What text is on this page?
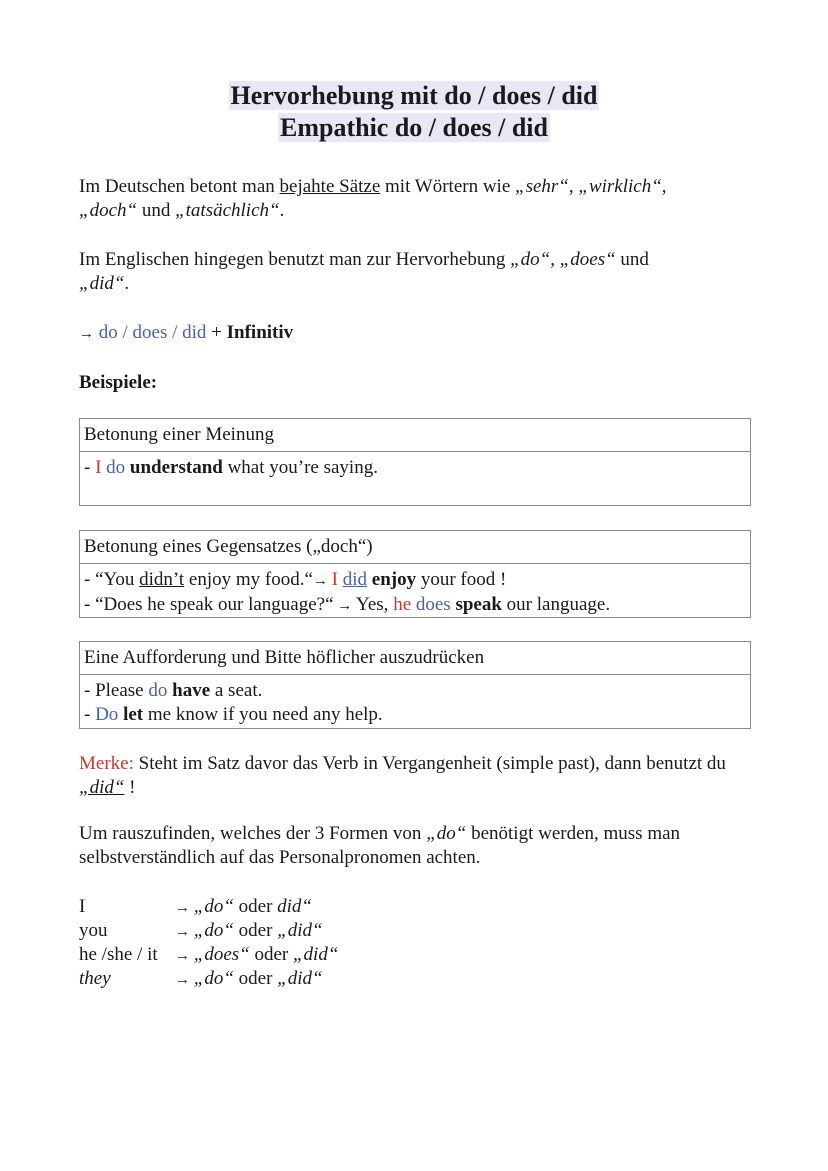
Hervorhebung mit do / does / did
Empathic do / does / did
Im Deutschen betont man bejahte Sätze mit Wörtern wie „sehr“, „wirklich“,
„doch“ und „tatsächlich“.
Im Englischen hingegen benutzt man zur Hervorhebung „do“, „does“ und
„did“.
→ do / does / did + Infinitiv
Beispiele:
Betonung einer Meinung
- I do understand what you’re saying.
Betonung eines Gegensatzes („doch“)
- “You didn’t enjoy my food.“→ I did enjoy your food !
- “Does he speak our language?“ → Yes, he does speak our language.
Eine Aufforderung und Bitte höflicher auszudrücken
- Please do have a seat.
- Do let me know if you need any help.
Merke: Steht im Satz davor das Verb in Vergangenheit (simple past), dann benutzt du
„did“ !
Um rauszufinden, welches der 3 Formen von „do“ benötigt werden, muss man
selbstverständlich auf das Personalpronomen achten.
I	→ „do“ oder did“
you	→ „do“ oder „did“
he /she / it → „does“ oder „did“
they	→ „do“ oder „did“
